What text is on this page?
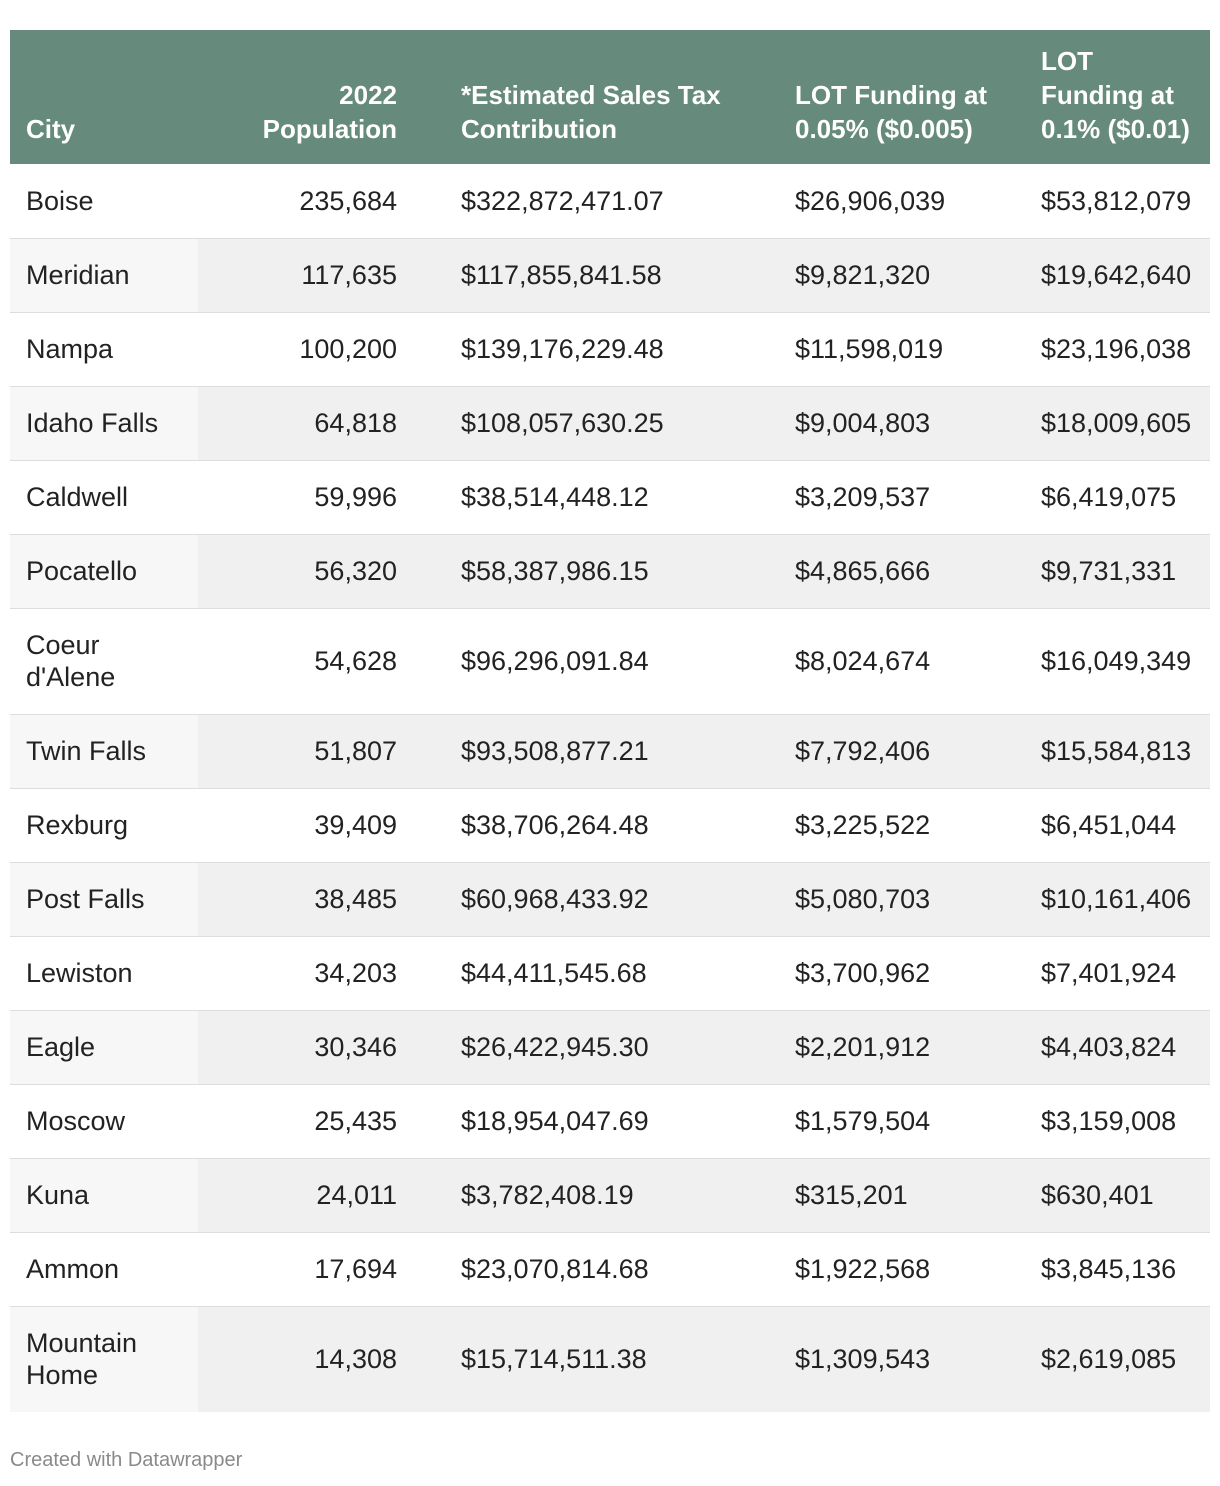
City	2022 Population	*Estimated Sales Tax Contribution	LOT Funding at 0.05% ($0.005)	LOT Funding at 0.1% ($0.01)
Boise	235,684	$322,872,471.07	$26,906,039	$53,812,079
Meridian	117,635	$117,855,841.58	$9,821,320	$19,642,640
Nampa	100,200	$139,176,229.48	$11,598,019	$23,196,038
Idaho Falls	64,818	$108,057,630.25	$9,004,803	$18,009,605
Caldwell	59,996	$38,514,448.12	$3,209,537	$6,419,075
Pocatello	56,320	$58,387,986.15	$4,865,666	$9,731,331
Coeur d'Alene	54,628	$96,296,091.84	$8,024,674	$16,049,349
Twin Falls	51,807	$93,508,877.21	$7,792,406	$15,584,813
Rexburg	39,409	$38,706,264.48	$3,225,522	$6,451,044
Post Falls	38,485	$60,968,433.92	$5,080,703	$10,161,406
Lewiston	34,203	$44,411,545.68	$3,700,962	$7,401,924
Eagle	30,346	$26,422,945.30	$2,201,912	$4,403,824
Moscow	25,435	$18,954,047.69	$1,579,504	$3,159,008
Kuna	24,011	$3,782,408.19	$315,201	$630,401
Ammon	17,694	$23,070,814.68	$1,922,568	$3,845,136
Mountain Home	14,308	$15,714,511.38	$1,309,543	$2,619,085
Created with Datawrapper
